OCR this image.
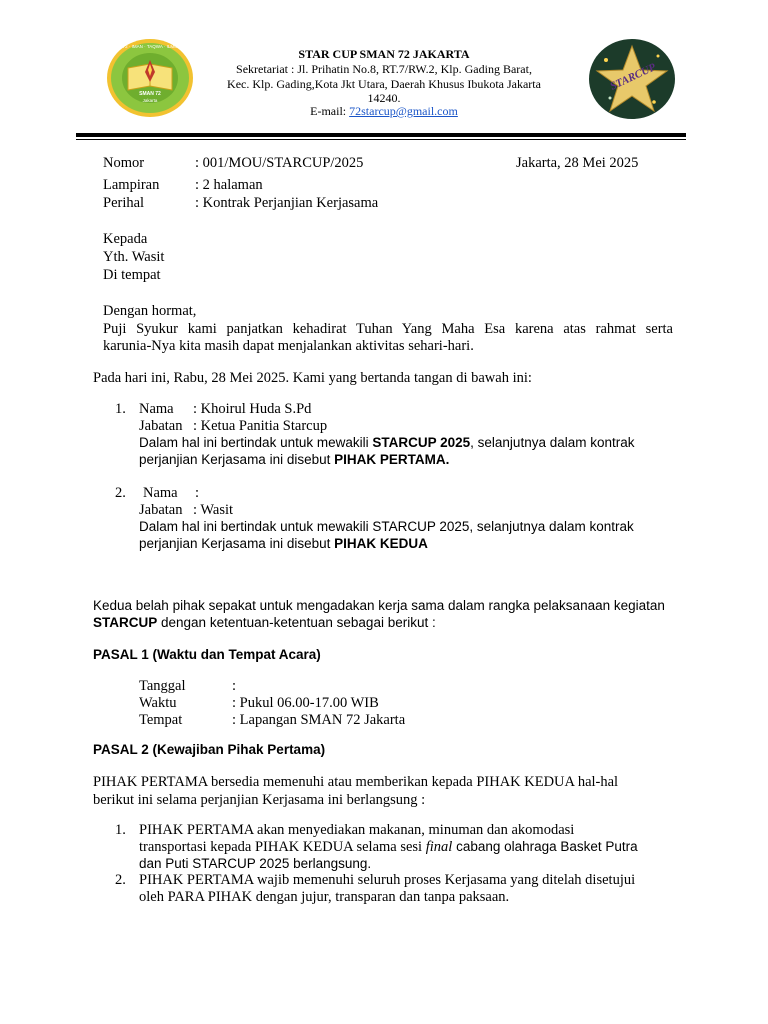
72 · IMAN · TAQWA · ILMU
SMAN 72
Jakarta
STARCUP
STAR CUP SMAN 72 JAKARTA
Sekretariat : Jl. Prihatin No.8, RT.7/RW.2, Klp. Gading Barat,
Kec. Klp. Gading,Kota Jkt Utara, Daerah Khusus Ibukota Jakarta
14240.
E-mail: 72starcup@gmail.com
Nomor	: 001/MOU/STARCUP/2025	Jakarta, 28 Mei 2025
Lampiran : 2 halaman
Perihal	: Kontrak Perjanjian Kerjasama
Kepada
Yth. Wasit
Di tempat
Dengan hormat,
Puji Syukur kami panjatkan kehadirat Tuhan Yang Maha Esa karena atas rahmat serta
karunia-Nya kita masih dapat menjalankan aktivitas sehari-hari.
Pada hari ini, Rabu, 28 Mei 2025. Kami yang bertanda tangan di bawah ini:
1. Nama : Khoirul Huda S.Pd
Jabatan : Ketua Panitia Starcup
Dalam hal ini bertindak untuk mewakili STARCUP 2025, selanjutnya dalam kontrak
perjanjian Kerjasama ini disebut PIHAK PERTAMA.
2. Nama :
Jabatan : Wasit
Dalam hal ini bertindak untuk mewakili STARCUP 2025, selanjutnya dalam kontrak
perjanjian Kerjasama ini disebut PIHAK KEDUA
Kedua belah pihak sepakat untuk mengadakan kerja sama dalam rangka pelaksanaan kegiatan
STARCUP dengan ketentuan-ketentuan sebagai berikut :
PASAL 1 (Waktu dan Tempat Acara)
Tanggal	:
Waktu	: Pukul 06.00-17.00 WIB
Tempat	: Lapangan SMAN 72 Jakarta
PASAL 2 (Kewajiban Pihak Pertama)
PIHAK PERTAMA bersedia memenuhi atau memberikan kepada PIHAK KEDUA hal-hal
berikut ini selama perjanjian Kerjasama ini berlangsung :
1. PIHAK PERTAMA akan menyediakan makanan, minuman dan akomodasi
transportasi kepada PIHAK KEDUA selama sesi final cabang olahraga Basket Putra
dan Puti STARCUP 2025 berlangsung.
2. PIHAK PERTAMA wajib memenuhi seluruh proses Kerjasama yang ditelah disetujui
oleh PARA PIHAK dengan jujur, transparan dan tanpa paksaan.
